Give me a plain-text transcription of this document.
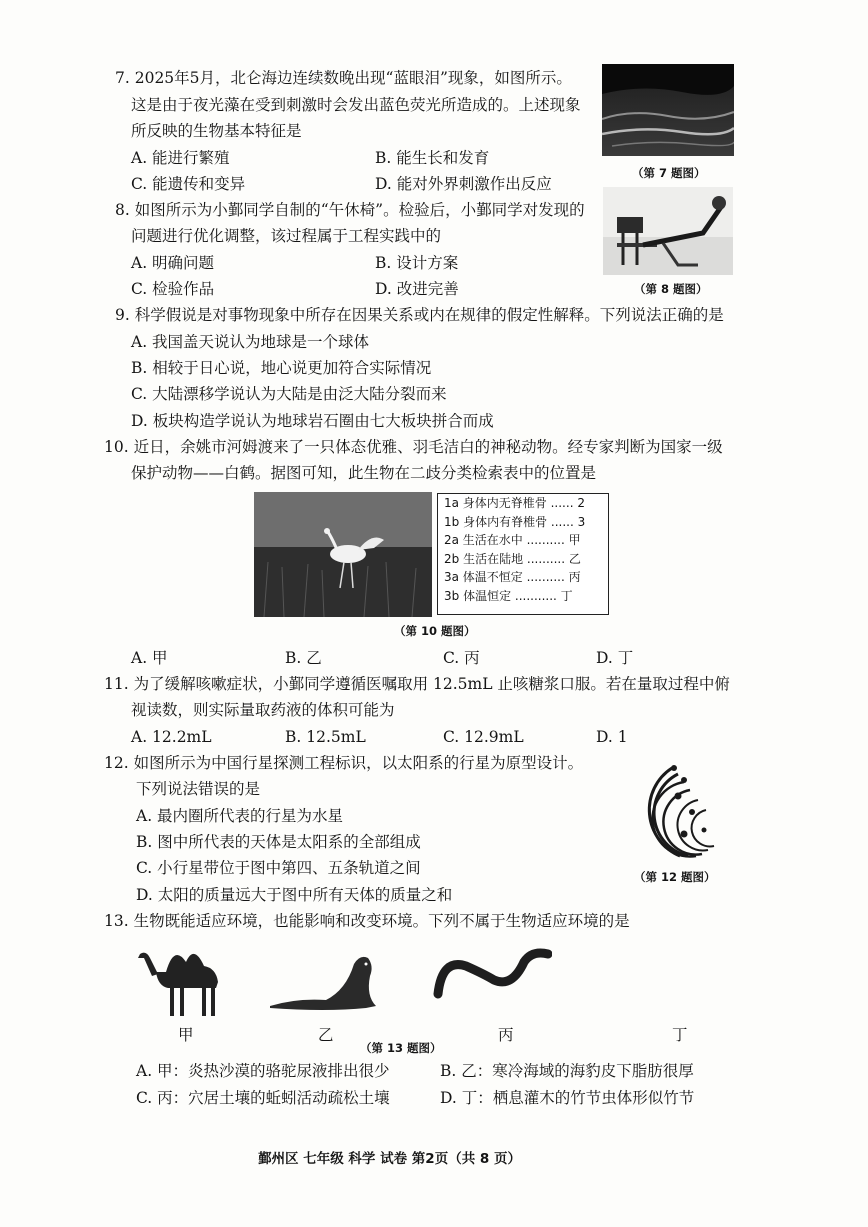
7. 2025年5月，北仑海边连续数晚出现“蓝眼泪”现象，如图所示。
这是由于夜光藻在受到刺激时会发出蓝色荧光所造成的。上述现象
所反映的生物基本特征是
A. 能进行繁殖	B. 能生长和发育
C. 能遗传和变异	D. 能对外界刺激作出反应
（第 7 题图）
8. 如图所示为小鄞同学自制的“午休椅”。检验后，小鄞同学对发现的
问题进行优化调整，该过程属于工程实践中的
A. 明确问题	B. 设计方案
C. 检验作品	D. 改进完善	（第 8 题图）
9. 科学假说是对事物现象中所存在因果关系或内在规律的假定性解释。下列说法正确的是
A. 我国盖天说认为地球是一个球体
B. 相较于日心说，地心说更加符合实际情况
C. 大陆漂移学说认为大陆是由泛大陆分裂而来
D. 板块构造学说认为地球岩石圈由七大板块拼合而成
10. 近日，余姚市河姆渡来了一只体态优雅、羽毛洁白的神秘动物。经专家判断为国家一级
保护动物——白鹤。据图可知，此生物在二歧分类检索表中的位置是
1a 身体内无脊椎骨 ...... 2
1b 身体内有脊椎骨 ...... 3
2a 生活在水中 .......... 甲
2b 生活在陆地 .......... 乙
3a 体温不恒定 .......... 丙
3b 体温恒定 ........... 丁
（第 10 题图）
A. 甲	B. 乙	C. 丙	D. 丁
11. 为了缓解咳嗽症状，小鄞同学遵循医嘱取用 12.5mL 止咳糖浆口服。若在量取过程中俯
视读数，则实际量取药液的体积可能为
A. 12.2mL	B. 12.5mL	C. 12.9mL	D. 1
12. 如图所示为中国行星探测工程标识，以太阳系的行星为原型设计。
下列说法错误的是
A. 最内圈所代表的行星为水星
B. 图中所代表的天体是太阳系的全部组成
C. 小行星带位于图中第四、五条轨道之间
D. 太阳的质量远大于图中所有天体的质量之和
（第 12 题图）
13. 生物既能适应环境，也能影响和改变环境。下列不属于生物适应环境的是
甲	乙	丙	丁
（第 13 题图）
A. 甲：炎热沙漠的骆驼尿液排出很少	B. 乙：寒冷海域的海豹皮下脂肪很厚
C. 丙：穴居土壤的蚯蚓活动疏松土壤	D. 丁：栖息灌木的竹节虫体形似竹节
鄞州区 七年级 科学 试卷 第2页（共 8 页）
